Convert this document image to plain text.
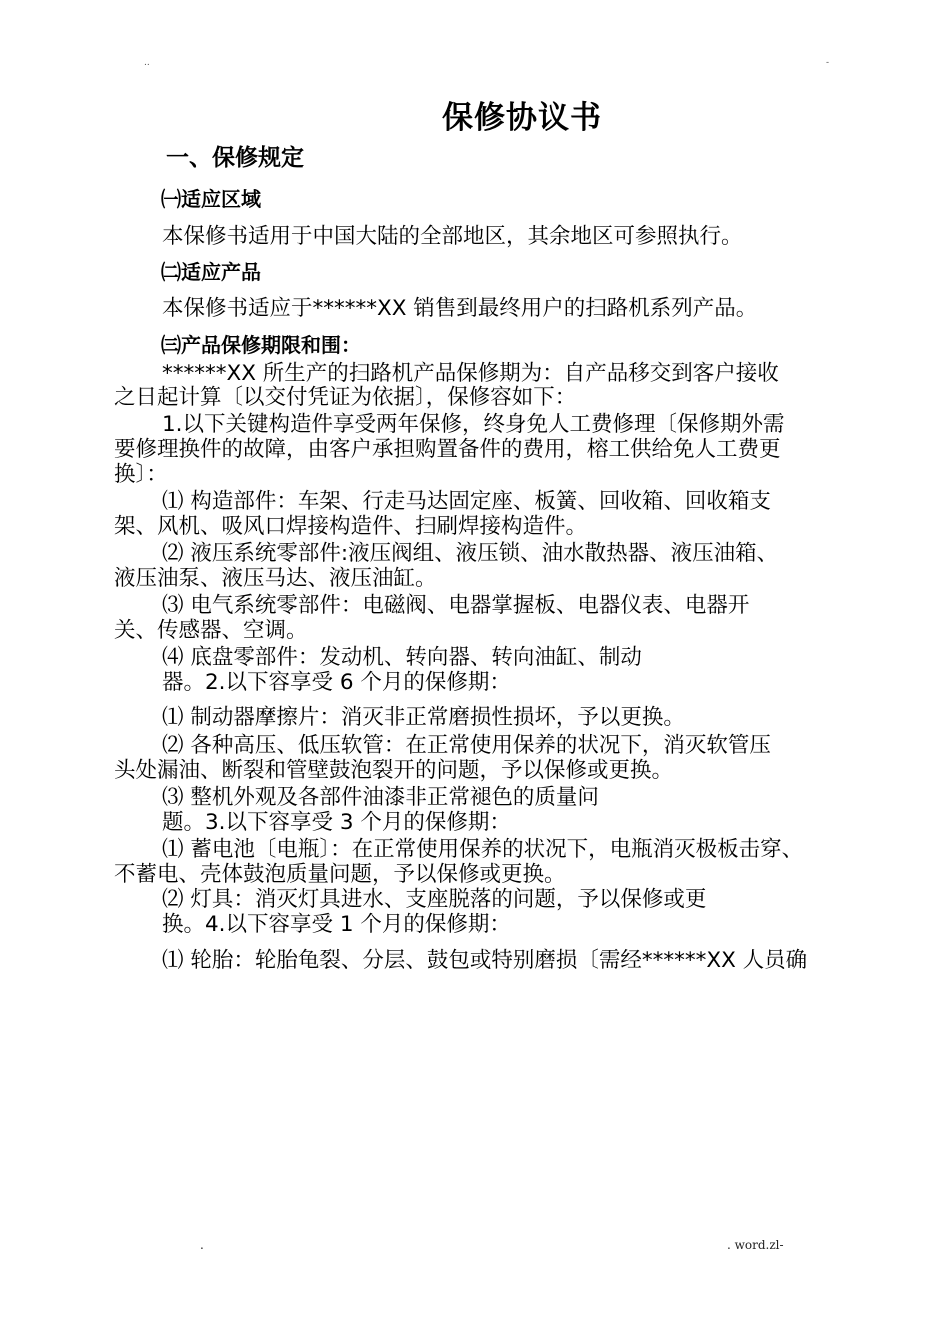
..	-
保修协议书
一、保修规定
㈠适应区域
本保修书适用于中国大陆的全部地区，其余地区可参照执行。
㈡适应产品
本保修书适应于******XX 销售到最终用户的扫路机系列产品。
㈢产品保修期限和围：
******XX 所生产的扫路机产品保修期为：自产品移交到客户接收
之日起计算〔以交付凭证为依据〕，保修容如下：
1.以下关键构造件享受两年保修，终身免人工费修理〔保修期外需
要修理换件的故障，由客户承担购置备件的费用，榕工供给免人工费更
换〕：
⑴ 构造部件：车架、行走马达固定座、板簧、回收箱、回收箱支
架、风机、吸风口焊接构造件、扫刷焊接构造件。
⑵ 液压系统零部件:液压阀组、液压锁、油水散热器、液压油箱、
液压油泵、液压马达、液压油缸。
⑶ 电气系统零部件：电磁阀、电器掌握板、电器仪表、电器开
关、传感器、空调。
⑷ 底盘零部件：发动机、转向器、转向油缸、制动
器。2.以下容享受 6 个月的保修期：
⑴ 制动器摩擦片：消灭非正常磨损性损坏，予以更换。
⑵ 各种高压、低压软管：在正常使用保养的状况下，消灭软管压
头处漏油、断裂和管壁鼓泡裂开的问题，予以保修或更换。
⑶ 整机外观及各部件油漆非正常褪色的质量问
题。3.以下容享受 3 个月的保修期：
⑴ 蓄电池〔电瓶〕：在正常使用保养的状况下，电瓶消灭极板击穿、
不蓄电、壳体鼓泡质量问题，予以保修或更换。
⑵ 灯具：消灭灯具进水、支座脱落的问题，予以保修或更
换。4.以下容享受 1 个月的保修期：
⑴ 轮胎：轮胎龟裂、分层、鼓包或特别磨损〔需经******XX 人员确
.	. word.zl-
